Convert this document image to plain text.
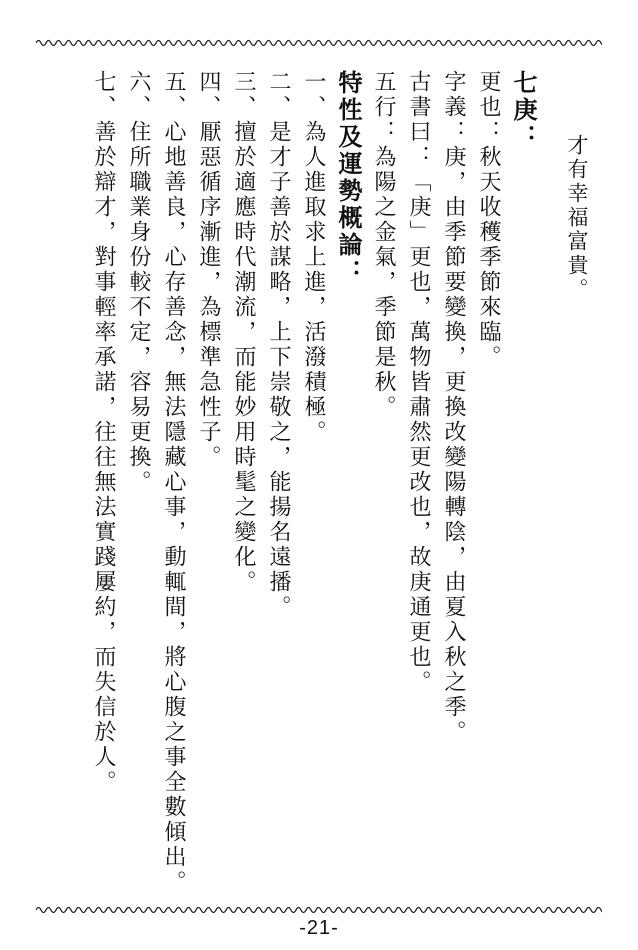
才有幸福富貴。
七庚：
更也：秋天收穫季節來臨。
字義：庚，由季節要變換，更換改變陽轉陰，由夏入秋之季。
古書曰：「庚」更也，萬物皆肅然更改也，故庚通更也。
五行：為陽之金氣，季節是秋。
特性及運勢概論：
一、為人進取求上進，活潑積極。
二、是才子善於謀略，上下崇敬之，能揚名遠播。
三、擅於適應時代潮流，而能妙用時髦之變化。
四、厭惡循序漸進，為標準急性子。
五、心地善良，心存善念，無法隱藏心事，動輒間，將心腹之事全數傾出。
六、住所職業身份較不定，容易更換。
七、善於辯才，對事輕率承諾，往往無法實踐屢約，而失信於人。
-21-
